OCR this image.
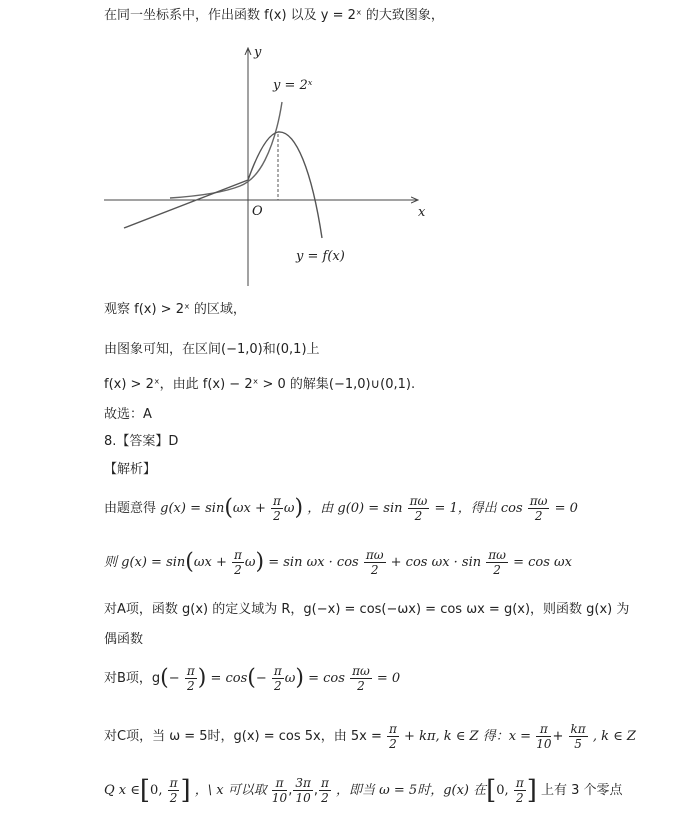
在同一坐标系中，作出函数 f(x) 以及 y = 2ˣ 的大致图象，
y
x
O
y = 2ˣ
y = f(x)
观察 f(x) > 2ˣ 的区域，
由图象可知，在区间(−1,0)和(0,1)上
f(x) > 2ˣ，由此 f(x) − 2ˣ > 0 的解集(−1,0)∪(0,1).
故选：A
8.【答案】D
【解析】
由题意得 $g(x) = \sin(\omega x + \frac{\pi}{2} \omega)$ ，由 $g(0) = \sin \frac{\pi\omega}{2} = 1$，得出 $\cos \frac{\pi\omega}{2} = 0$
则 $g(x) = \sin(\omega x + \frac{\pi}{2} \omega) = \sin \omega x \cdot \cos \frac{\pi\omega}{2} + \cos \omega x \cdot \sin \frac{\pi\omega}{2} = \cos \omega x$
对A项，函数 g(x) 的定义域为 R，g(−x) = cos(−ωx) = cos ωx = g(x)，则函数 g(x) 为
偶函数
对B项，$g(- \frac{\pi}{2}$ ) = $\cos(- \frac{\pi}{2} \omega) = \cos \frac{\pi\omega}{2} = 0$
对C项，当 ω = 5时，g(x) = cos 5x，由 $5x = \frac{\pi}{2} + k\pi$, k ∈ Z 得：$x = \frac{\pi}{10} + \frac{k\pi}{5}$ , k ∈ Z
Q x ∈[0, $\frac{\pi}{2}$ ] ，\ x 可以取 $\frac{\pi}{10}$ , $\frac{3\pi}{10}$ , $\frac{\pi}{2}$ ，即当 ω = 5时，g(x) 在[0, $\frac{\pi}{2}$ ] 上有 3 个零点
